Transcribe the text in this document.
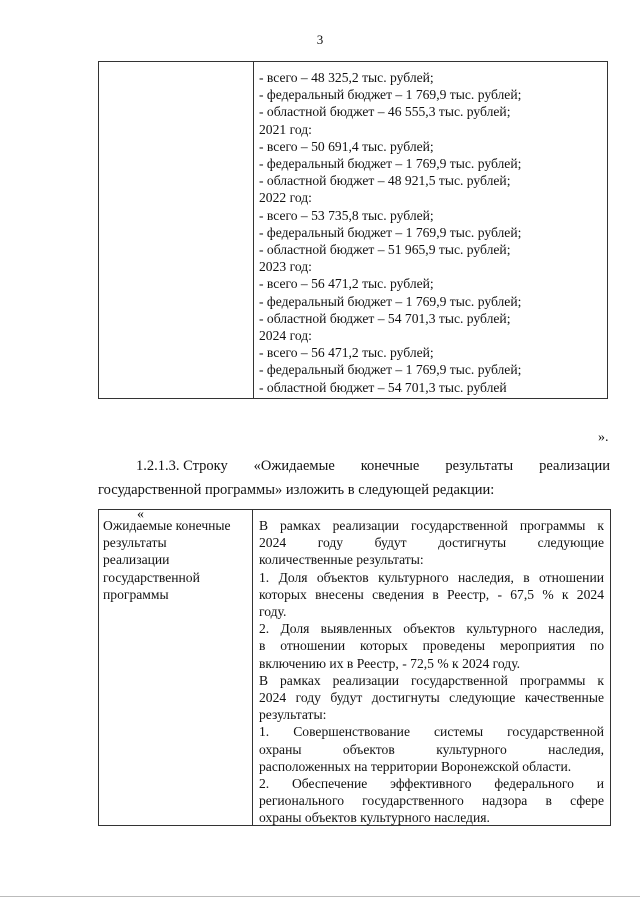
3
- всего – 48 325,2 тыс. рублей;
- федеральный бюджет – 1 769,9 тыс. рублей;
- областной бюджет – 46 555,3 тыс. рублей;
2021 год:
- всего – 50 691,4 тыс. рублей;
- федеральный бюджет – 1 769,9 тыс. рублей;
- областной бюджет – 48 921,5 тыс. рублей;
2022 год:
- всего – 53 735,8 тыс. рублей;
- федеральный бюджет – 1 769,9 тыс. рублей;
- областной бюджет – 51 965,9 тыс. рублей;
2023 год:
- всего – 56 471,2 тыс. рублей;
- федеральный бюджет – 1 769,9 тыс. рублей;
- областной бюджет – 54 701,3 тыс. рублей;
2024 год:
- всего – 56 471,2 тыс. рублей;
- федеральный бюджет – 1 769,9 тыс. рублей;
- областной бюджет – 54 701,3 тыс. рублей
».
1.2.1.3. Строку «Ожидаемые конечные результаты реализации
государственной программы» изложить в следующей редакции:
«
Ожидаемые конечные
результаты
реализации
государственной
программы
В рамках реализации государственной программы к
2024 году будут достигнуты следующие
количественные результаты:
1. Доля объектов культурного наследия, в отношении
которых внесены сведения в Реестр, - 67,5 % к 2024
году.
2. Доля выявленных объектов культурного наследия,
в отношении которых проведены мероприятия по
включению их в Реестр, - 72,5 % к 2024 году.
В рамках реализации государственной программы к
2024 году будут достигнуты следующие качественные
результаты:
1. Совершенствование системы государственной
охраны объектов культурного наследия,
расположенных на территории Воронежской области.
2. Обеспечение эффективного федерального и
регионального государственного надзора в сфере
охраны объектов культурного наследия.
